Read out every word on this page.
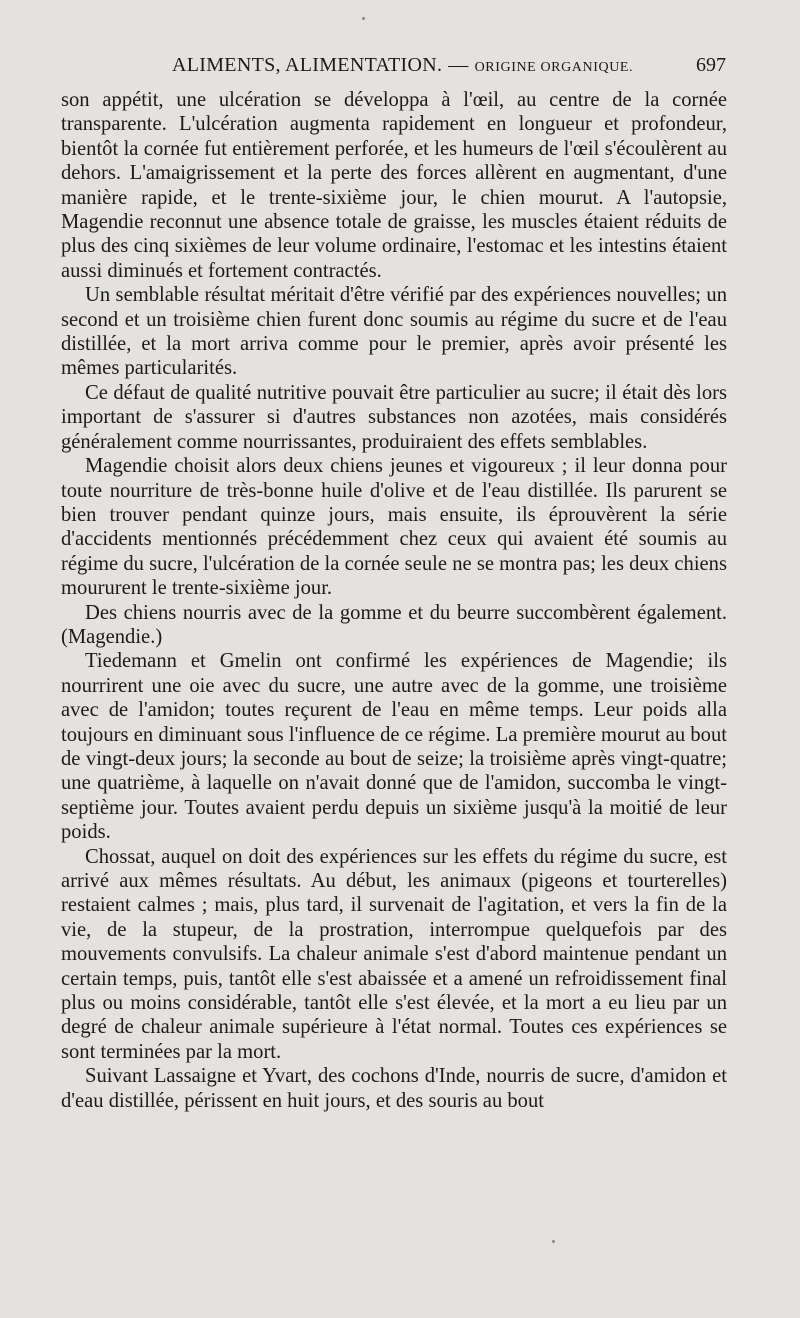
ALIMENTS, ALIMENTATION. — ORIGINE ORGANIQUE.	697

son appétit, une ulcération se développa à l'œil, au centre de la cornée transparente. L'ulcération augmenta rapidement en longueur et profondeur, bientôt la cornée fut entièrement perforée, et les humeurs de l'œil s'écoulèrent au dehors. L'amaigrissement et la perte des forces allèrent en augmentant, d'une manière rapide, et le trente-sixième jour, le chien mourut. A l'autopsie, Magendie reconnut une absence totale de graisse, les muscles étaient réduits de plus des cinq sixièmes de leur volume ordinaire, l'estomac et les intestins étaient aussi diminués et fortement contractés.

Un semblable résultat méritait d'être vérifié par des expériences nouvelles; un second et un troisième chien furent donc soumis au régime du sucre et de l'eau distillée, et la mort arriva comme pour le premier, après avoir présenté les mêmes particularités.

Ce défaut de qualité nutritive pouvait être particulier au sucre; il était dès lors important de s'assurer si d'autres substances non azotées, mais considérés généralement comme nourrissantes, produiraient des effets semblables.

Magendie choisit alors deux chiens jeunes et vigoureux ; il leur donna pour toute nourriture de très-bonne huile d'olive et de l'eau distillée. Ils parurent se bien trouver pendant quinze jours, mais ensuite, ils éprouvèrent la série d'accidents mentionnés précédemment chez ceux qui avaient été soumis au régime du sucre, l'ulcération de la cornée seule ne se montra pas; les deux chiens moururent le trente-sixième jour.

Des chiens nourris avec de la gomme et du beurre succombèrent également. (Magendie.)

Tiedemann et Gmelin ont confirmé les expériences de Magendie; ils nourrirent une oie avec du sucre, une autre avec de la gomme, une troisième avec de l'amidon; toutes reçurent de l'eau en même temps. Leur poids alla toujours en diminuant sous l'influence de ce régime. La première mourut au bout de vingt-deux jours; la seconde au bout de seize; la troisième après vingt-quatre; une quatrième, à laquelle on n'avait donné que de l'amidon, succomba le vingt-septième jour. Toutes avaient perdu depuis un sixième jusqu'à la moitié de leur poids.

Chossat, auquel on doit des expériences sur les effets du régime du sucre, est arrivé aux mêmes résultats. Au début, les animaux (pigeons et tourterelles) restaient calmes ; mais, plus tard, il survenait de l'agitation, et vers la fin de la vie, de la stupeur, de la prostration, interrompue quelquefois par des mouvements convulsifs. La chaleur animale s'est d'abord maintenue pendant un certain temps, puis, tantôt elle s'est abaissée et a amené un refroidissement final plus ou moins considérable, tantôt elle s'est élevée, et la mort a eu lieu par un degré de chaleur animale supérieure à l'état normal. Toutes ces expériences se sont terminées par la mort.

Suivant Lassaigne et Yvart, des cochons d'Inde, nourris de sucre, d'amidon et d'eau distillée, périssent en huit jours, et des souris au bout
